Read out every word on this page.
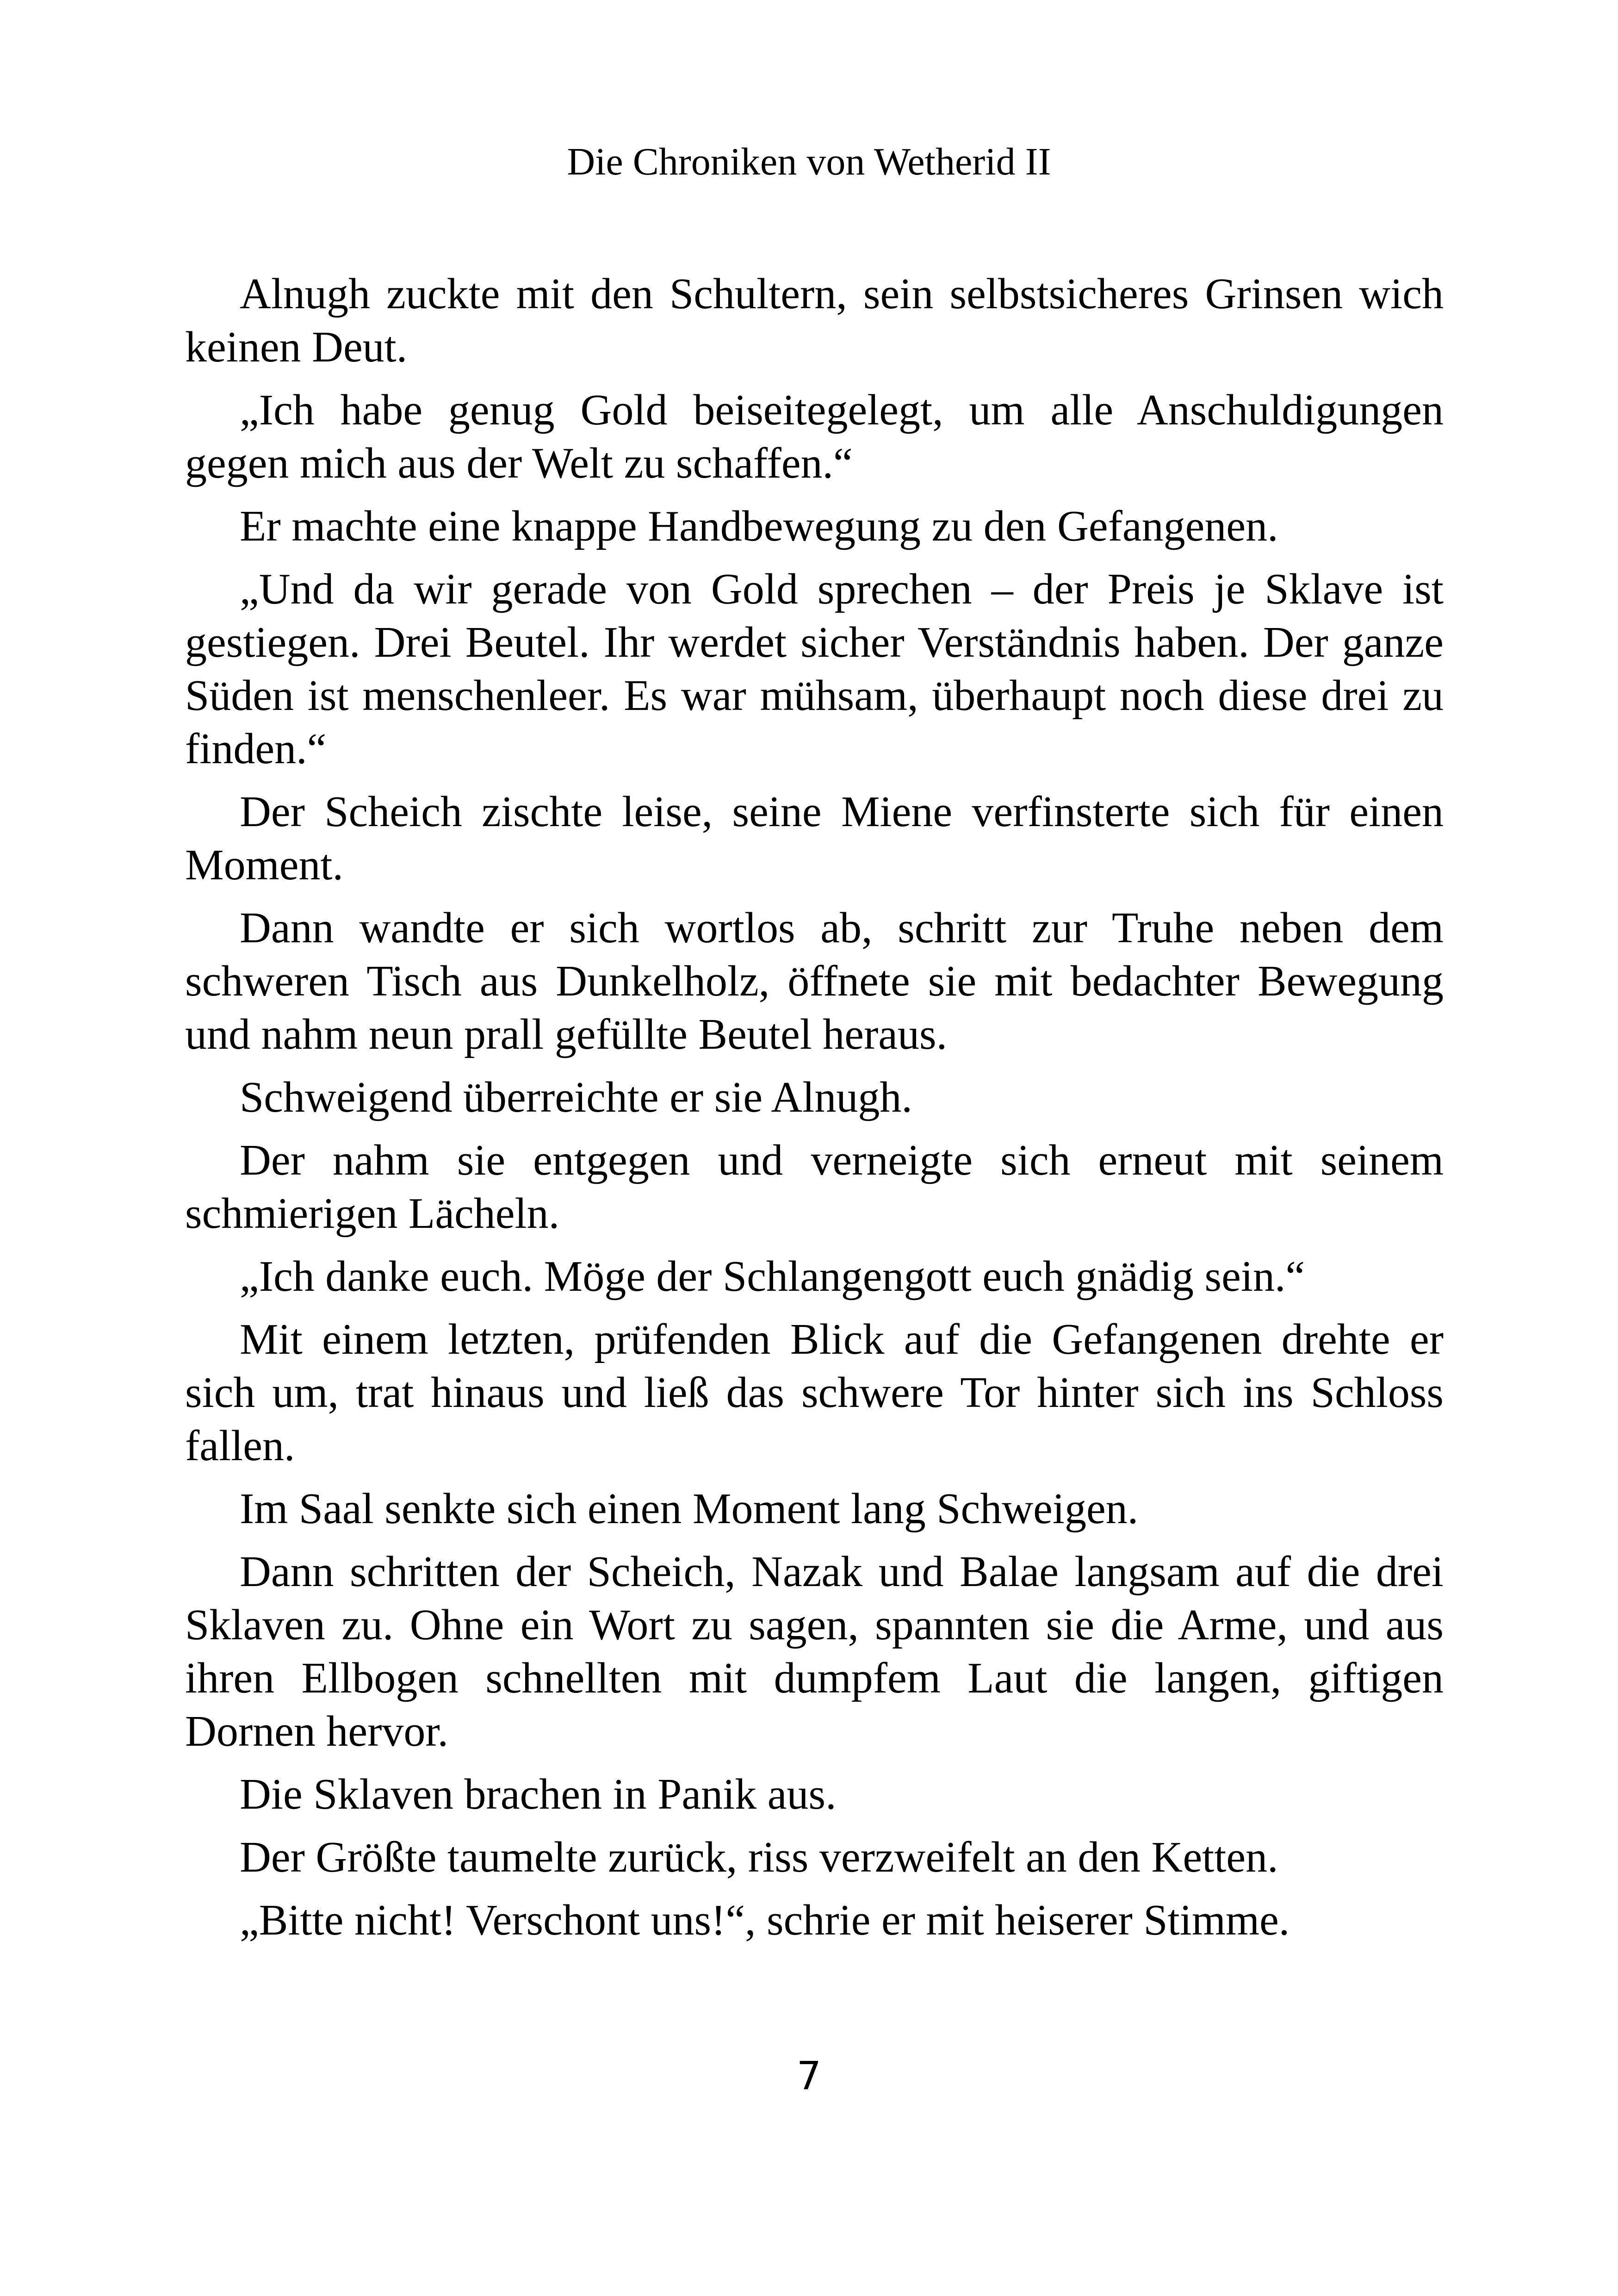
Die Chroniken von Wetherid II

Alnugh zuckte mit den Schultern, sein selbstsicheres Grinsen wich keinen Deut.

„Ich habe genug Gold beiseitegelegt, um alle Anschuldigungen gegen mich aus der Welt zu schaffen.“

Er machte eine knappe Handbewegung zu den Gefangenen.

„Und da wir gerade von Gold sprechen – der Preis je Sklave ist gestiegen. Drei Beutel. Ihr werdet sicher Verständnis haben. Der ganze Süden ist menschenleer. Es war mühsam, überhaupt noch diese drei zu finden.“

Der Scheich zischte leise, seine Miene verfinsterte sich für einen Moment.

Dann wandte er sich wortlos ab, schritt zur Truhe neben dem schweren Tisch aus Dunkelholz, öffnete sie mit bedachter Bewegung und nahm neun prall gefüllte Beutel heraus.

Schweigend überreichte er sie Alnugh.

Der nahm sie entgegen und verneigte sich erneut mit seinem schmierigen Lächeln.

„Ich danke euch. Möge der Schlangengott euch gnädig sein.“

Mit einem letzten, prüfenden Blick auf die Gefangenen drehte er sich um, trat hinaus und ließ das schwere Tor hinter sich ins Schloss fallen.

Im Saal senkte sich einen Moment lang Schweigen.

Dann schritten der Scheich, Nazak und Balae langsam auf die drei Sklaven zu. Ohne ein Wort zu sagen, spannten sie die Arme, und aus ihren Ellbogen schnellten mit dumpfem Laut die langen, giftigen Dornen hervor.

Die Sklaven brachen in Panik aus.

Der Größte taumelte zurück, riss verzweifelt an den Ketten.

„Bitte nicht! Verschont uns!“, schrie er mit heiserer Stimme.

7
